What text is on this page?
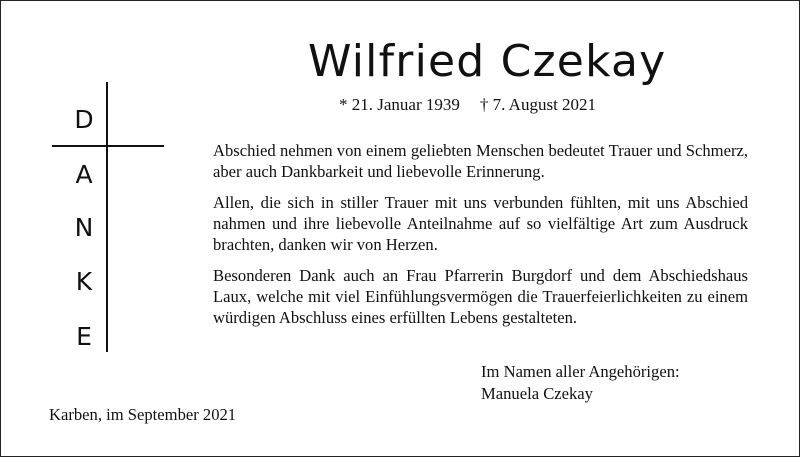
Wilfried Czekay
* 21. Januar 1939 † 7. August 2021
D
A
N
K
E

Abschied nehmen von einem geliebten Menschen bedeutet Trauer und Schmerz, aber auch Dankbarkeit und liebevolle Erinnerung.

Allen, die sich in stiller Trauer mit uns verbunden fühlten, mit uns Abschied nahmen und ihre liebevolle Anteilnahme auf so vielfältige Art zum Ausdruck brachten, danken wir von Herzen.

Besonderen Dank auch an Frau Pfarrerin Burgdorf und dem Abschiedshaus Laux, welche mit viel Einfühlungsvermögen die Trauerfeierlichkeiten zu einem würdigen Abschluss eines erfüllten Lebens gestalteten.

Im Namen aller Angehörigen:
Manuela Czekay
Karben, im September 2021
